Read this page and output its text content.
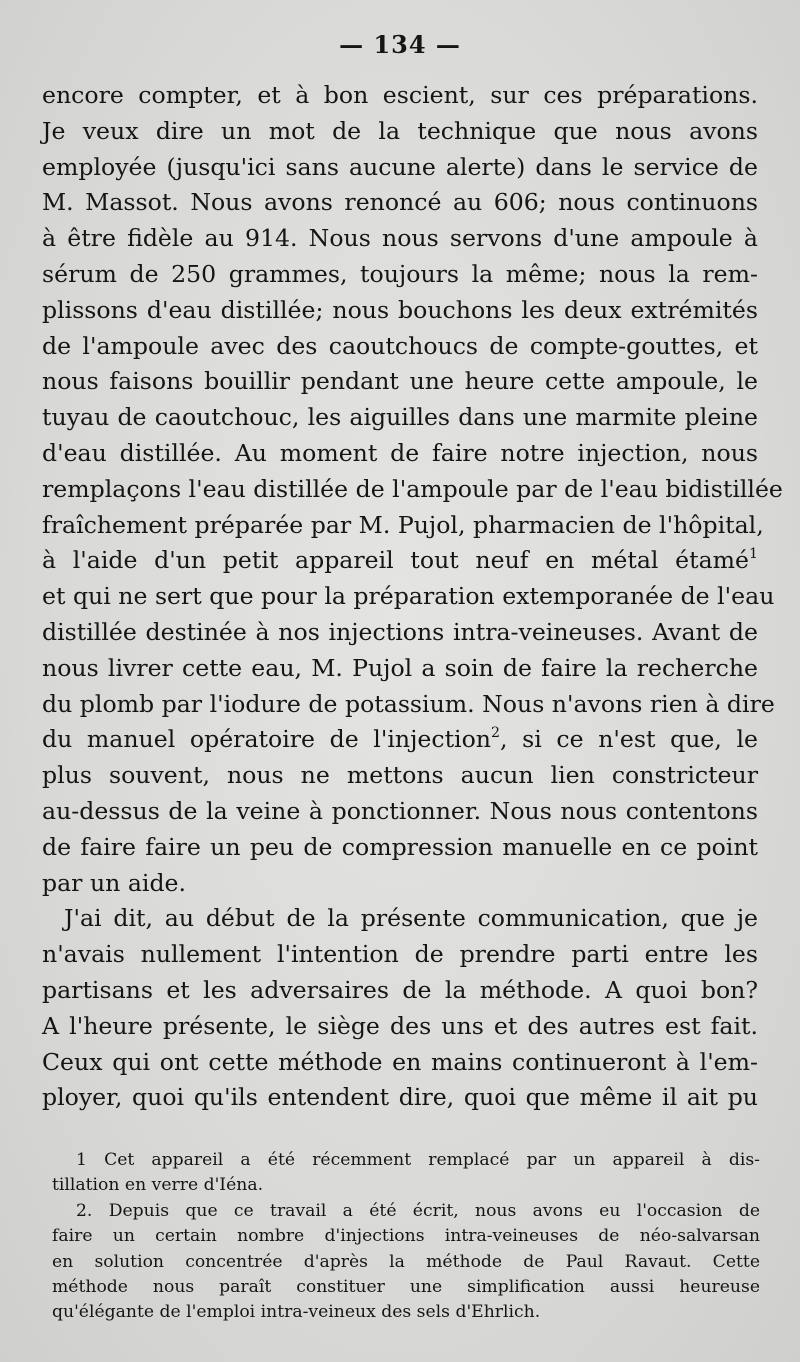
— 134 —
encore compter, et à bon escient, sur ces préparations.
Je veux dire un mot de la technique que nous avons
employée (jusqu'ici sans aucune alerte) dans le service de
M. Massot. Nous avons renoncé au 606; nous continuons
à être fidèle au 914. Nous nous servons d'une ampoule à
sérum de 250 grammes, toujours la même; nous la rem-
plissons d'eau distillée; nous bouchons les deux extrémités
de l'ampoule avec des caoutchoucs de compte-gouttes, et
nous faisons bouillir pendant une heure cette ampoule, le
tuyau de caoutchouc, les aiguilles dans une marmite pleine
d'eau distillée. Au moment de faire notre injection, nous
remplaçons l'eau distillée de l'ampoule par de l'eau bidistillée
fraîchement préparée par M. Pujol, pharmacien de l'hôpital,
à l'aide d'un petit appareil tout neuf en métal étamé$^1$
et qui ne sert que pour la préparation extemporanée de l'eau
distillée destinée à nos injections intra-veineuses. Avant de
nous livrer cette eau, M. Pujol a soin de faire la recherche
du plomb par l'iodure de potassium. Nous n'avons rien à dire
du manuel opératoire de l'injection$^2$, si ce n'est que, le
plus souvent, nous ne mettons aucun lien constricteur
au-dessus de la veine à ponctionner. Nous nous contentons
de faire faire un peu de compression manuelle en ce point
par un aide.
J'ai dit, au début de la présente communication, que je
n'avais nullement l'intention de prendre parti entre les
partisans et les adversaires de la méthode. A quoi bon?
A l'heure présente, le siège des uns et des autres est fait.
Ceux qui ont cette méthode en mains continueront à l'em-
ployer, quoi qu'ils entendent dire, quoi que même il ait pu
1 Cet appareil a été récemment remplacé par un appareil à dis-
tillation en verre d'Iéna.
2. Depuis que ce travail a été écrit, nous avons eu l'occasion de
faire un certain nombre d'injections intra-veineuses de néo-salvarsan
en solution concentrée d'après la méthode de Paul Ravaut. Cette
méthode nous paraît constituer une simplification aussi heureuse
qu'élégante de l'emploi intra-veineux des sels d'Ehrlich.
